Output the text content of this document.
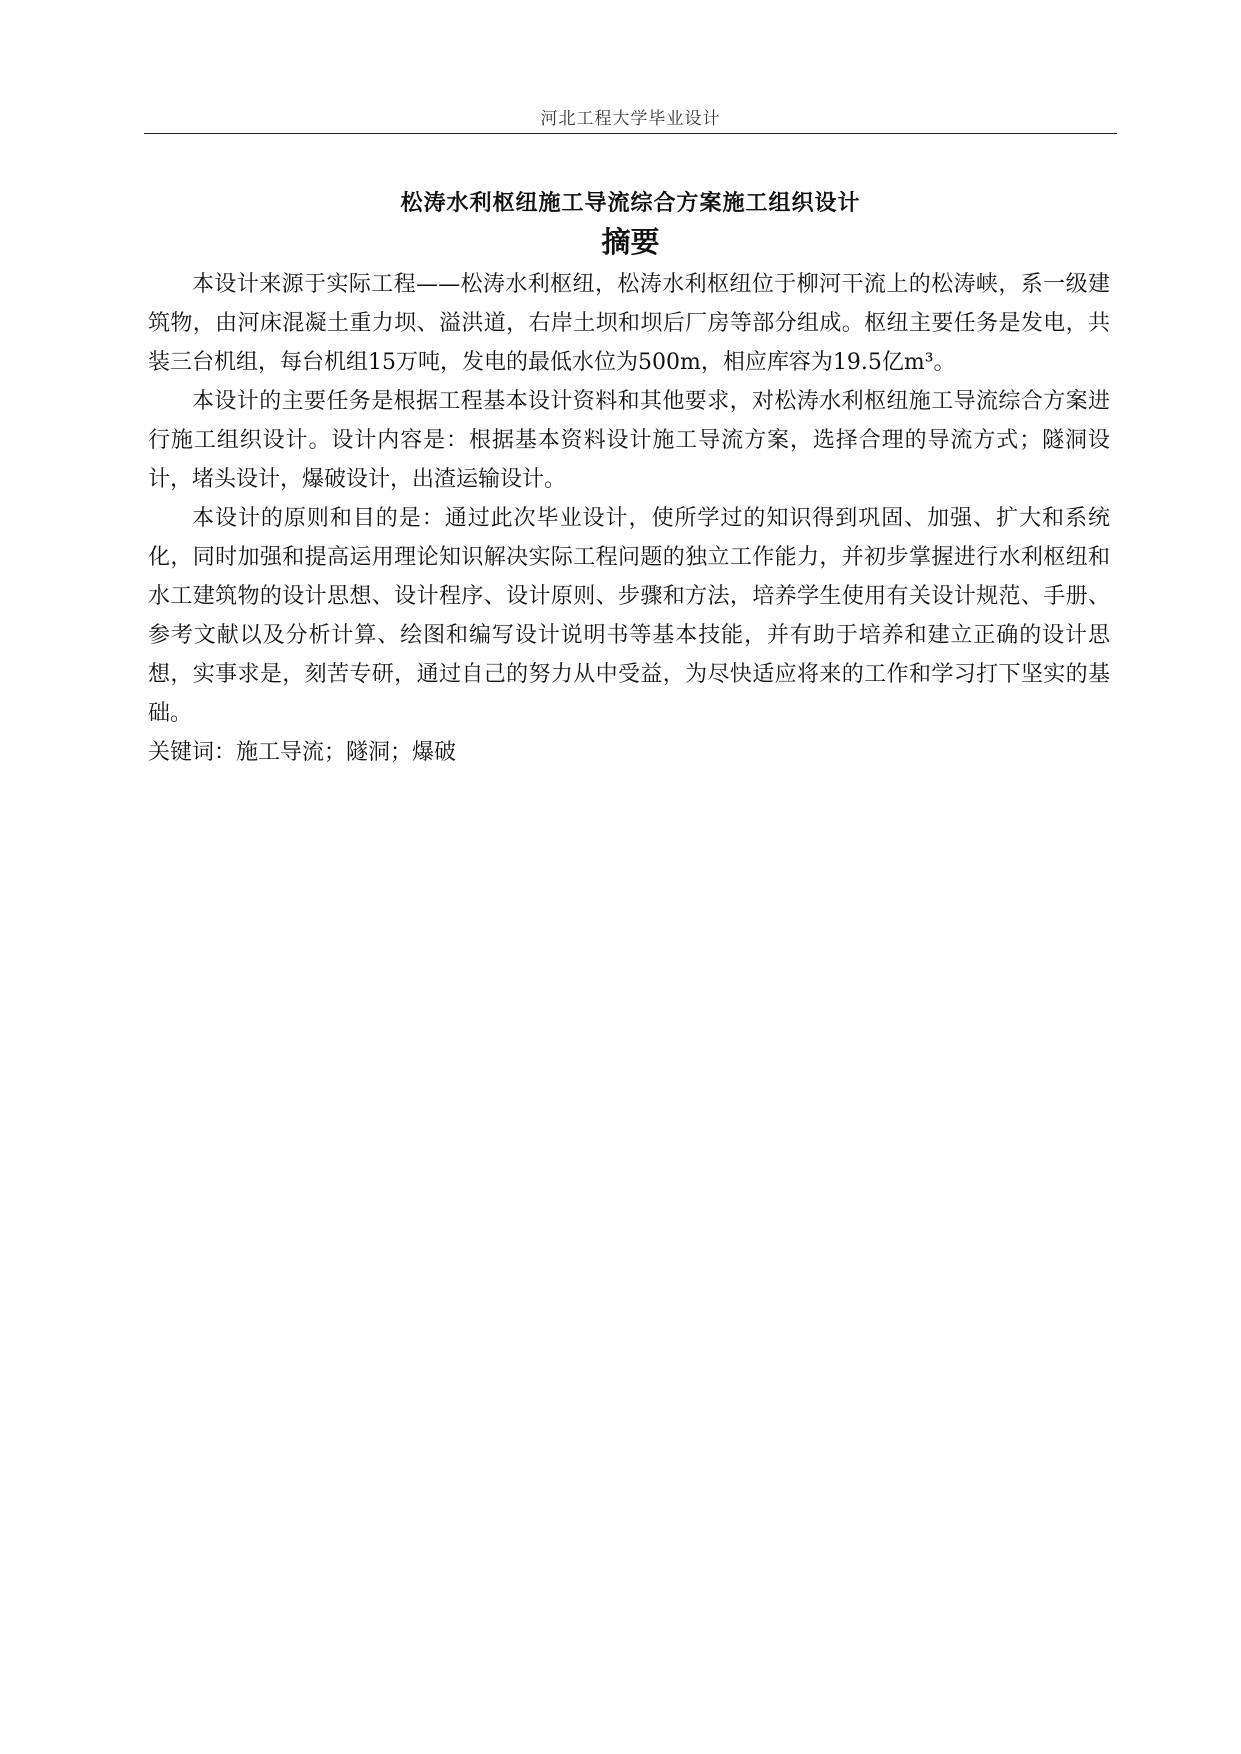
河北工程大学毕业设计
松涛水利枢纽施工导流综合方案施工组织设计
摘要

本设计来源于实际工程——松涛水利枢纽，松涛水利枢纽位于柳河干流上的松涛峡，系一级建筑物，由河床混凝土重力坝、溢洪道，右岸土坝和坝后厂房等部分组成。枢纽主要任务是发电，共装三台机组，每台机组15万吨，发电的最低水位为500m，相应库容为19.5亿m³。

本设计的主要任务是根据工程基本设计资料和其他要求，对松涛水利枢纽施工导流综合方案进行施工组织设计。设计内容是：根据基本资料设计施工导流方案，选择合理的导流方式；隧洞设计，堵头设计，爆破设计，出渣运输设计。

本设计的原则和目的是：通过此次毕业设计，使所学过的知识得到巩固、加强、扩大和系统化，同时加强和提高运用理论知识解决实际工程问题的独立工作能力，并初步掌握进行水利枢纽和水工建筑物的设计思想、设计程序、设计原则、步骤和方法，培养学生使用有关设计规范、手册、参考文献以及分析计算、绘图和编写设计说明书等基本技能，并有助于培养和建立正确的设计思想，实事求是，刻苦专研，通过自己的努力从中受益，为尽快适应将来的工作和学习打下坚实的基础。

关键词：施工导流；隧洞；爆破
